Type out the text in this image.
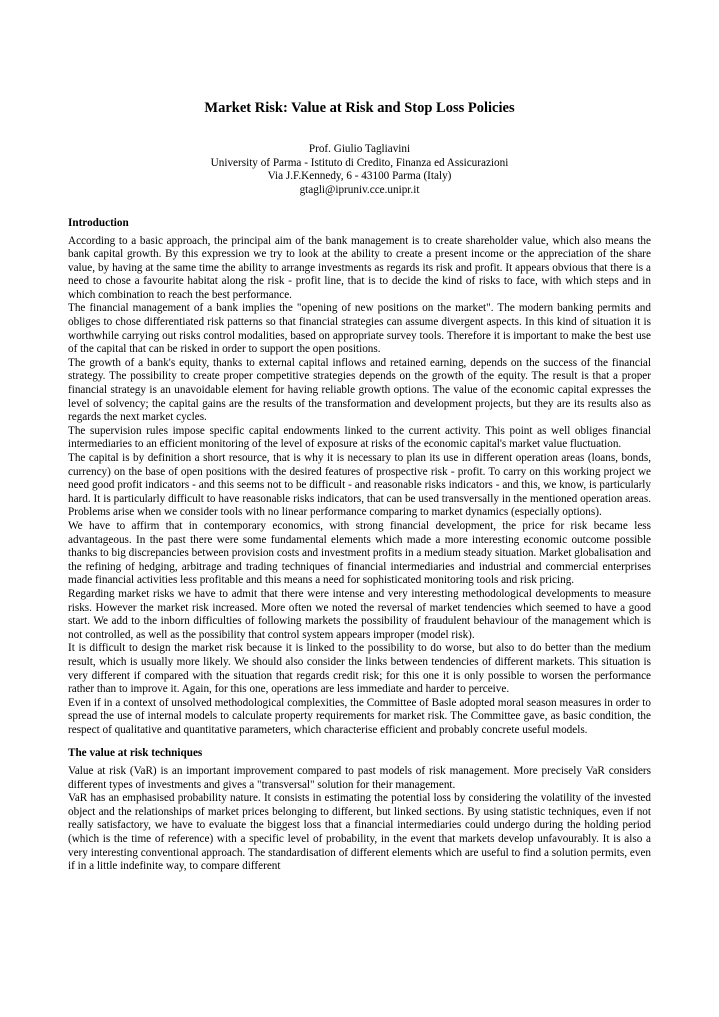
Market Risk: Value at Risk and Stop Loss Policies
Prof. Giulio Tagliavini
University of Parma - Istituto di Credito, Finanza ed Assicurazioni
Via J.F.Kennedy, 6 - 43100 Parma (Italy)
gtagli@ipruniv.cce.unipr.it
Introduction

According to a basic approach, the principal aim of the bank management is to create shareholder value, which also means the bank capital growth. By this expression we try to look at the ability to create a present income or the appreciation of the share value, by having at the same time the ability to arrange investments as regards its risk and profit. It appears obvious that there is a need to chose a favourite habitat along the risk - profit line, that is to decide the kind of risks to face, with which steps and in which combination to reach the best performance.

The financial management of a bank implies the "opening of new positions on the market". The modern banking permits and obliges to chose differentiated risk patterns so that financial strategies can assume divergent aspects. In this kind of situation it is worthwhile carrying out risks control modalities, based on appropriate survey tools. Therefore it is important to make the best use of the capital that can be risked in order to support the open positions.

The growth of a bank's equity, thanks to external capital inflows and retained earning, depends on the success of the financial strategy. The possibility to create proper competitive strategies depends on the growth of the equity. The result is that a proper financial strategy is an unavoidable element for having reliable growth options. The value of the economic capital expresses the level of solvency; the capital gains are the results of the transformation and development projects, but they are its results also as regards the next market cycles.

The supervision rules impose specific capital endowments linked to the current activity. This point as well obliges financial intermediaries to an efficient monitoring of the level of exposure at risks of the economic capital's market value fluctuation.

The capital is by definition a short resource, that is why it is necessary to plan its use in different operation areas (loans, bonds, currency) on the base of open positions with the desired features of prospective risk - profit. To carry on this working project we need good profit indicators - and this seems not to be difficult - and reasonable risks indicators - and this, we know, is particularly hard. It is particularly difficult to have reasonable risks indicators, that can be used transversally in the mentioned operation areas. Problems arise when we consider tools with no linear performance comparing to market dynamics (especially options).

We have to affirm that in contemporary economics, with strong financial development, the price for risk became less advantageous. In the past there were some fundamental elements which made a more interesting economic outcome possible thanks to big discrepancies between provision costs and investment profits in a medium steady situation. Market globalisation and the refining of hedging, arbitrage and trading techniques of financial intermediaries and industrial and commercial enterprises made financial activities less profitable and this means a need for sophisticated monitoring tools and risk pricing.

Regarding market risks we have to admit that there were intense and very interesting methodological developments to measure risks. However the market risk increased. More often we noted the reversal of market tendencies which seemed to have a good start. We add to the inborn difficulties of following markets the possibility of fraudulent behaviour of the management which is not controlled, as well as the possibility that control system appears improper (model risk).

It is difficult to design the market risk because it is linked to the possibility to do worse, but also to do better than the medium result, which is usually more likely. We should also consider the links between tendencies of different markets. This situation is very different if compared with the situation that regards credit risk; for this one it is only possible to worsen the performance rather than to improve it. Again, for this one, operations are less immediate and harder to perceive.

Even if in a context of unsolved methodological complexities, the Committee of Basle adopted moral season measures in order to spread the use of internal models to calculate property requirements for market risk. The Committee gave, as basic condition, the respect of qualitative and quantitative parameters, which characterise efficient and probably concrete useful models.

The value at risk techniques

Value at risk (VaR) is an important improvement compared to past models of risk management. More precisely VaR considers different types of investments and gives a "transversal" solution for their management.

VaR has an emphasised probability nature. It consists in estimating the potential loss by considering the volatility of the invested object and the relationships of market prices belonging to different, but linked sections. By using statistic techniques, even if not really satisfactory, we have to evaluate the biggest loss that a financial intermediaries could undergo during the holding period (which is the time of reference) with a specific level of probability, in the event that markets develop unfavourably. It is also a very interesting conventional approach. The standardisation of different elements which are useful to find a solution permits, even if in a little indefinite way, to compare different
